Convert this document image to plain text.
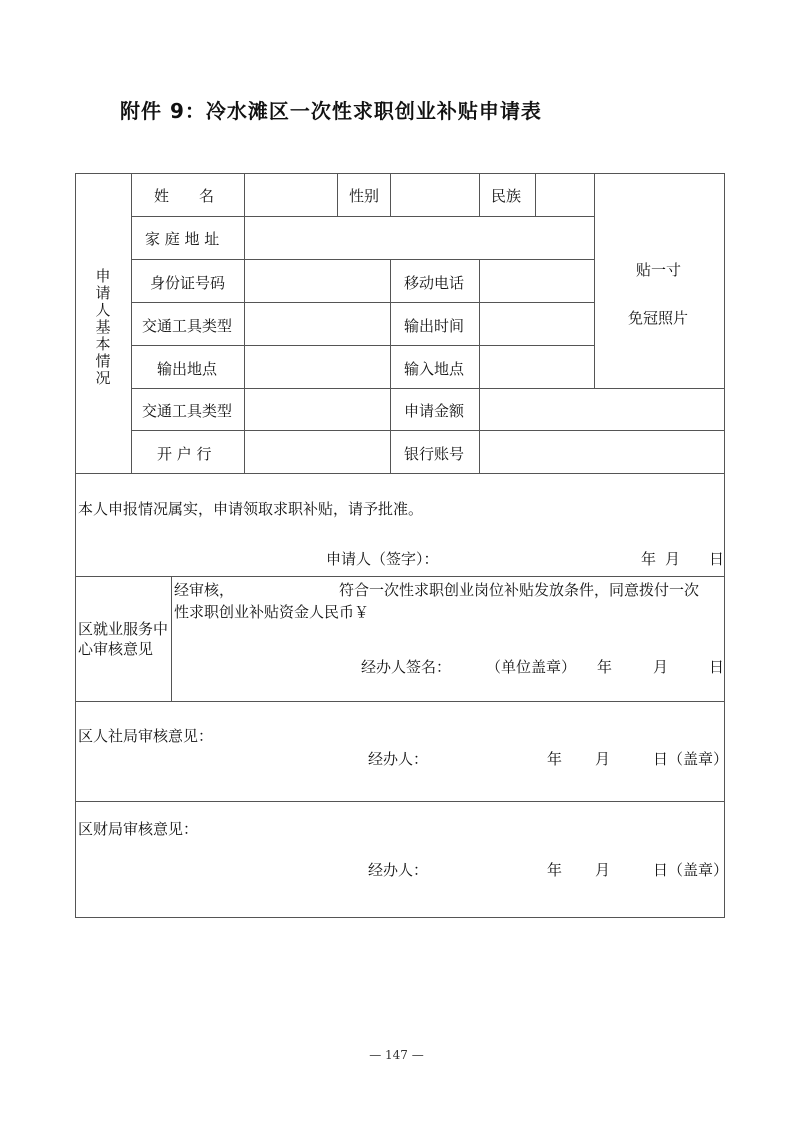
附件 9：冷水滩区一次性求职创业补贴申请表
申请人基本情况
姓　　名	性别	民族
家 庭 地 址
身份证号码	移动电话
交通工具类型	输出时间
输出地点	输入地点
交通工具类型	申请金额
开 户 行	银行账号
贴一寸
免冠照片
本人申报情况属实，申请领取求职补贴，请予批准。
申请人（签字）：	年 月 日
区就业服务中心审核意见
经审核，	符合一次性求职创业岗位补贴发放条件，同意拨付一次
性求职创业补贴资金人民币￥
经办人签名： （单位盖章） 年	月	日
区人社局审核意见：
经办人：	年 月	日（盖章）
区财局审核意见：
经办人：	年 月	日（盖章）
— 147 —
